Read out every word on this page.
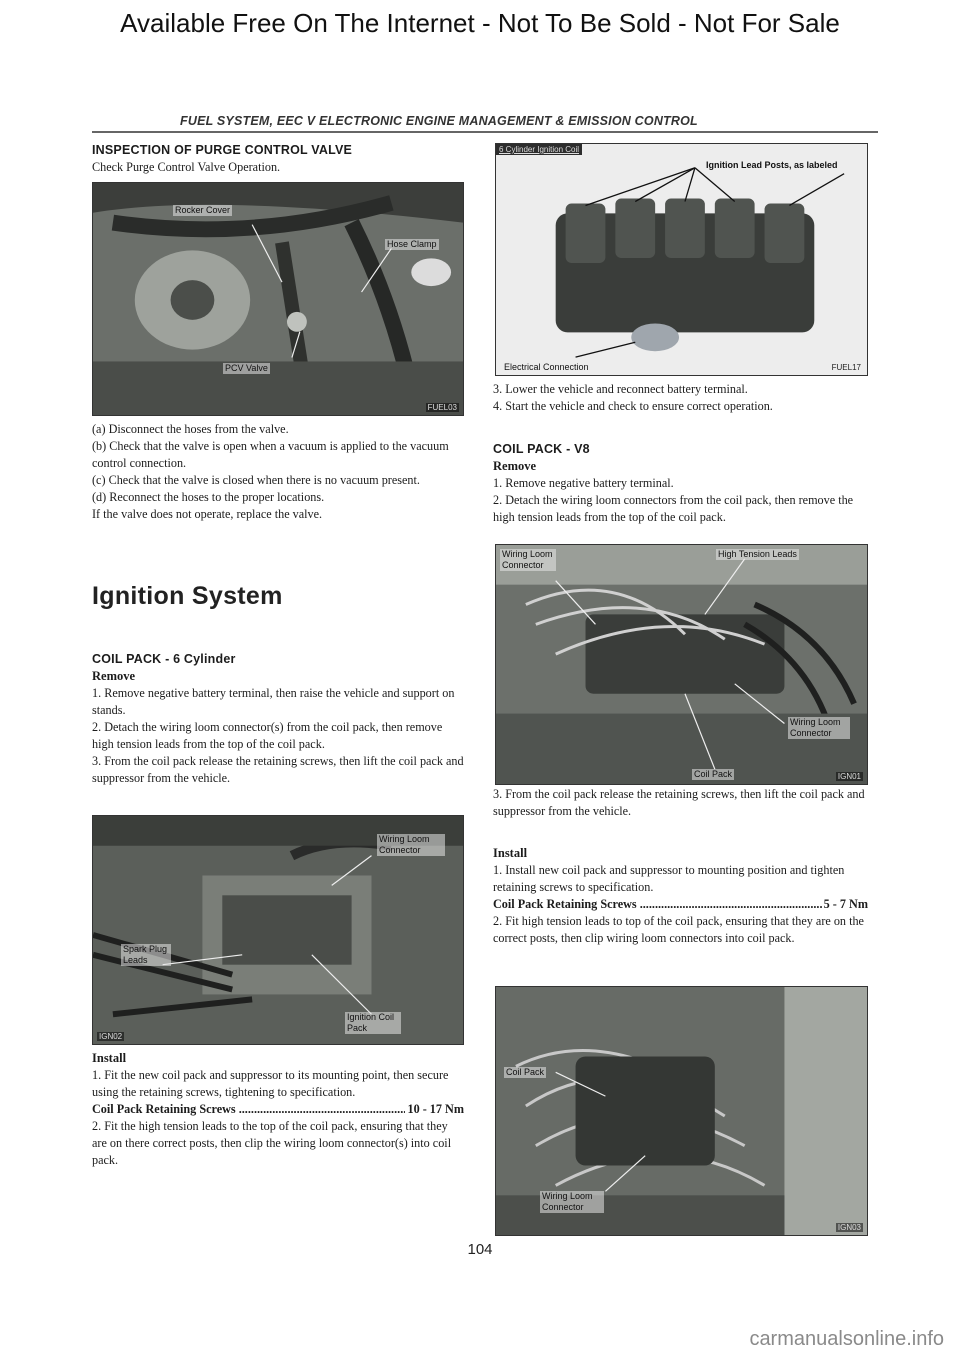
Available Free On The Internet - Not To Be Sold - Not For Sale
FUEL SYSTEM, EEC V ELECTRONIC ENGINE MANAGEMENT & EMISSION CONTROL
INSPECTION OF PURGE CONTROL VALVE

Check Purge Control Valve Operation.

Rocker Cover
Hose Clamp
PCV Valve
FUEL03

(a) Disconnect the hoses from the valve.

(b) Check that the valve is open when a vacuum is applied to the vacuum control connection.

(c) Check that the valve is closed when there is no vacuum present.

(d) Reconnect the hoses to the proper locations.

If the valve does not operate, replace the valve.

Ignition System
COIL PACK - 6 Cylinder
Remove

1. Remove negative battery terminal, then raise the vehicle and support on stands.

2. Detach the wiring loom connector(s) from the coil pack, then remove high tension leads from the top of the coil pack.

3. From the coil pack release the retaining screws, then lift the coil pack and suppressor from the vehicle.

Wiring Loom Connector
Spark Plug Leads
Ignition Coil Pack
IGN02
Install

1. Fit the new coil pack and suppressor to its mounting point, then secure using the retaining screws, tightening to specification.

Coil Pack Retaining Screws .....	10 - 17 Nm

2. Fit the high tension leads to the top of the coil pack, ensuring that they are on there correct posts, then clip the wiring loom connector(s) into coil pack.

6 Cylinder Ignition Coil
Ignition Lead Posts, as labeled
Electrical Connection	FUEL17

3. Lower the vehicle and reconnect battery terminal.

4. Start the vehicle and check to ensure correct operation.

COIL PACK - V8
Remove

1. Remove negative battery terminal.

2. Detach the wiring loom connectors from the coil pack, then remove the high tension leads from the top of the coil pack.

Wiring Loom Connector
High Tension Leads
Wiring Loom Connector
Coil Pack	IGN01

3. From the coil pack release the retaining screws, then lift the coil pack and suppressor from the vehicle.

Install

1. Install new coil pack and suppressor to mounting position and tighten retaining screws to specification.

Coil Pack Retaining Screws .....	5 - 7 Nm

2. Fit high tension leads to top of the coil pack, ensuring that they are on the correct posts, then clip wiring loom connectors into coil pack.

Coil Pack
Wiring Loom Connector
IGN03
104
carmanualsonline.info
